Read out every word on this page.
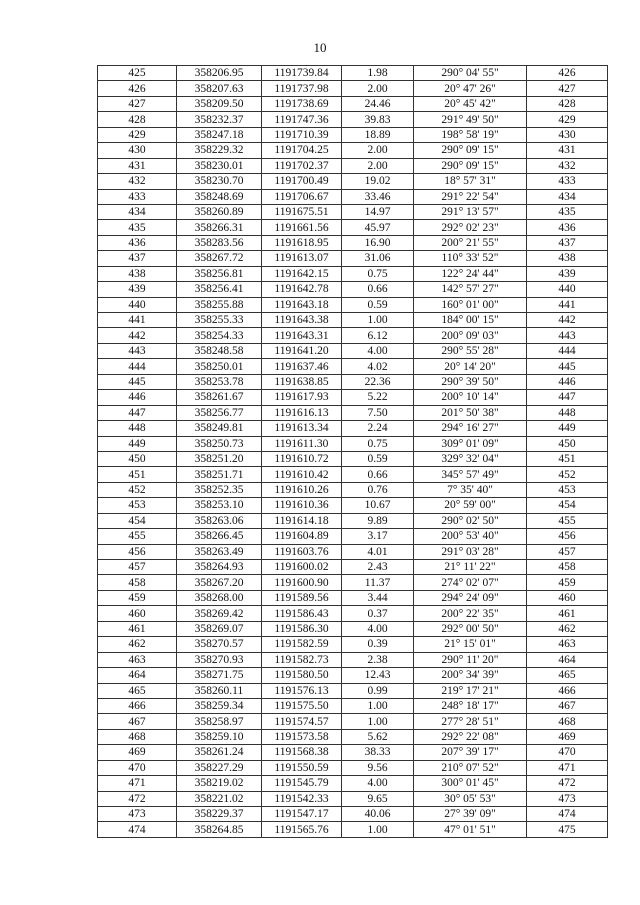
10
425	358206.95	1191739.84	1.98	290° 04' 55"	426
426	358207.63	1191737.98	2.00	20° 47' 26"	427
427	358209.50	1191738.69	24.46	20° 45' 42"	428
428	358232.37	1191747.36	39.83	291° 49' 50"	429
429	358247.18	1191710.39	18.89	198° 58' 19"	430
430	358229.32	1191704.25	2.00	290° 09' 15"	431
431	358230.01	1191702.37	2.00	290° 09' 15"	432
432	358230.70	1191700.49	19.02	18° 57' 31"	433
433	358248.69	1191706.67	33.46	291° 22' 54"	434
434	358260.89	1191675.51	14.97	291° 13' 57"	435
435	358266.31	1191661.56	45.97	292° 02' 23"	436
436	358283.56	1191618.95	16.90	200° 21' 55"	437
437	358267.72	1191613.07	31.06	110° 33' 52"	438
438	358256.81	1191642.15	0.75	122° 24' 44"	439
439	358256.41	1191642.78	0.66	142° 57' 27"	440
440	358255.88	1191643.18	0.59	160° 01' 00"	441
441	358255.33	1191643.38	1.00	184° 00' 15"	442
442	358254.33	1191643.31	6.12	200° 09' 03"	443
443	358248.58	1191641.20	4.00	290° 55' 28"	444
444	358250.01	1191637.46	4.02	20° 14' 20"	445
445	358253.78	1191638.85	22.36	290° 39' 50"	446
446	358261.67	1191617.93	5.22	200° 10' 14"	447
447	358256.77	1191616.13	7.50	201° 50' 38"	448
448	358249.81	1191613.34	2.24	294° 16' 27"	449
449	358250.73	1191611.30	0.75	309° 01' 09"	450
450	358251.20	1191610.72	0.59	329° 32' 04"	451
451	358251.71	1191610.42	0.66	345° 57' 49"	452
452	358252.35	1191610.26	0.76	7° 35' 40"	453
453	358253.10	1191610.36	10.67	20° 59' 00"	454
454	358263.06	1191614.18	9.89	290° 02' 50"	455
455	358266.45	1191604.89	3.17	200° 53' 40"	456
456	358263.49	1191603.76	4.01	291° 03' 28"	457
457	358264.93	1191600.02	2.43	21° 11' 22"	458
458	358267.20	1191600.90	11.37	274° 02' 07"	459
459	358268.00	1191589.56	3.44	294° 24' 09"	460
460	358269.42	1191586.43	0.37	200° 22' 35"	461
461	358269.07	1191586.30	4.00	292° 00' 50"	462
462	358270.57	1191582.59	0.39	21° 15' 01"	463
463	358270.93	1191582.73	2.38	290° 11' 20"	464
464	358271.75	1191580.50	12.43	200° 34' 39"	465
465	358260.11	1191576.13	0.99	219° 17' 21"	466
466	358259.34	1191575.50	1.00	248° 18' 17"	467
467	358258.97	1191574.57	1.00	277° 28' 51"	468
468	358259.10	1191573.58	5.62	292° 22' 08"	469
469	358261.24	1191568.38	38.33	207° 39' 17"	470
470	358227.29	1191550.59	9.56	210° 07' 52"	471
471	358219.02	1191545.79	4.00	300° 01' 45"	472
472	358221.02	1191542.33	9.65	30° 05' 53"	473
473	358229.37	1191547.17	40.06	27° 39' 09"	474
474	358264.85	1191565.76	1.00	47° 01' 51"	475
